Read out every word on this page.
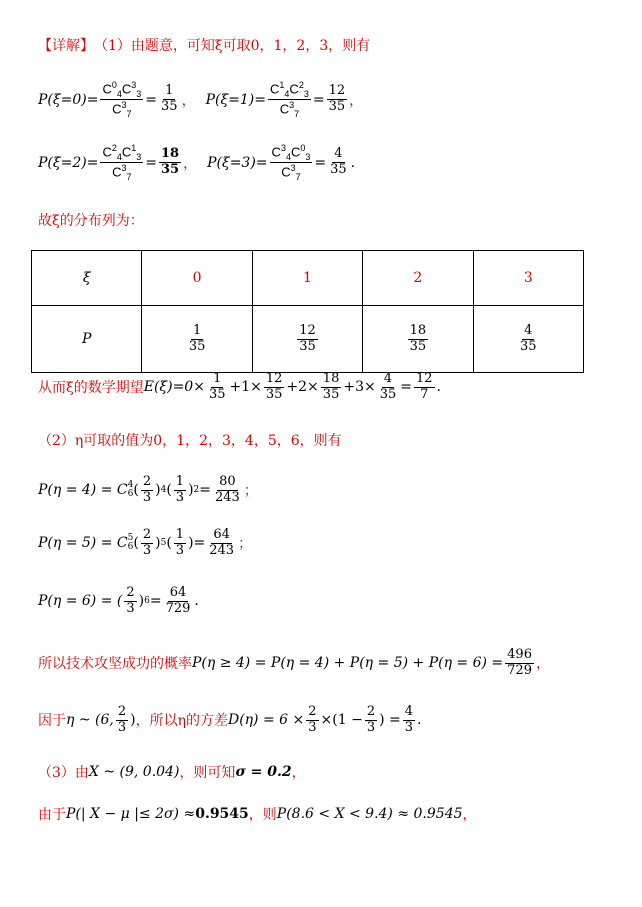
【详解】 （1）由题意，可知ξ可取0，1，2，3，则有
$P(\xi=0)= \frac{C^0_4C^3_3}{C^3_7} = \frac{1}{35}$ ， $P(\xi=1)= \frac{C^1_4C^2_3}{C^3_7} = \frac{12}{35}$ ，
$P(\xi=2)= \frac{C^2_4C^1_3}{C^3_7} = \frac{18}{35}$ ， $P(\xi=3)= \frac{C^3_4C^0_3}{C^3_7} = \frac{4}{35}$ .
故ξ的分布列为：
ξ	0	1	2	3
P	$\frac{1}{35}$	$\frac{12}{35}$	$\frac{18}{35}$	$\frac{4}{35}$
从而ξ的数学期望 $E(\xi)=0\times \frac{1}{35} +1\times \frac{12}{35} +2\times \frac{18}{35} +3\times \frac{4}{35} = \frac{12}{7}$ .
（2）η可取的值为0，1，2，3，4，5，6，则有
P(η = 4) = C 4
6 ( $\frac{2}{3}$ ) 4 ( $\frac{1}{3}$ ) $2 = \frac{80}{243}$ ；
P(η = 5) = C 5
6 ( $\frac{2}{3}$ ) 5 ( $\frac{1}{3}$ ) = $\frac{64}{243}$ ；
P(η = 6) = ( $\frac{2}{3}$ ) $6 = \frac{64}{729}$ .
所以技术攻坚成功的概率 $P(\eta \ge 4) = P(\eta = 4) + P(\eta = 5) + P(\eta = 6) = \frac{496}{729}$ ，
因于 η ~ (6, $\frac{2}{3}$ ) ，所以η的方差 $D(\eta) = 6 \times \frac{2}{3} \times(1 - \frac{2}{3}$ ) = $\frac{4}{3}$ .
（3）由 X ~ (9, 0.04) ，则可知 σ = 0.2 ，
由于 P(| X − μ |≤ 2σ) ≈ 0.9545 ，则 P(8.6 < X < 9.4) ≈ 0.9545 ，
